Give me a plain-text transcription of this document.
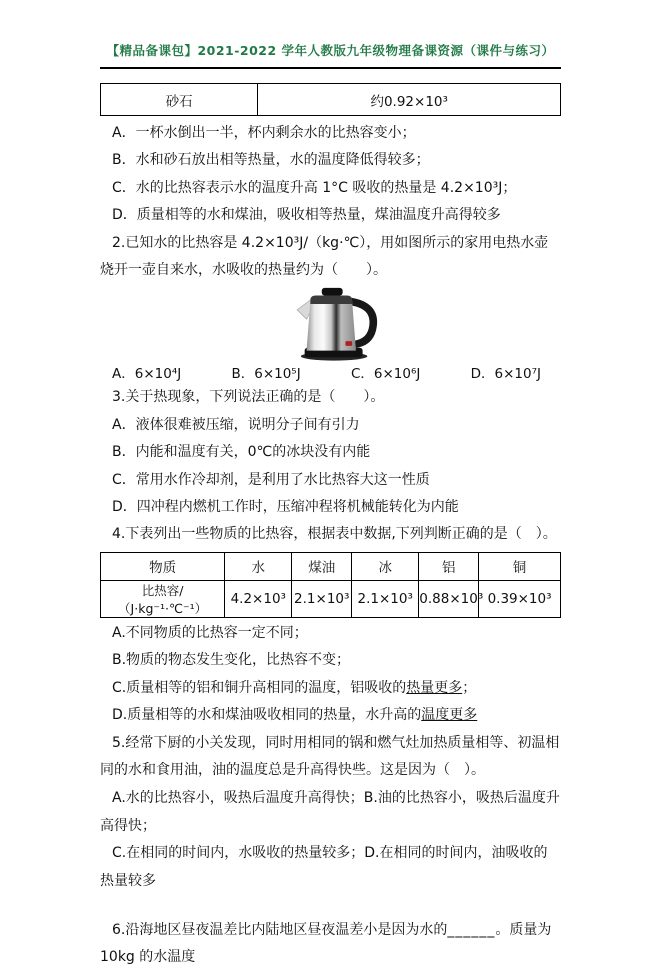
【精品备课包】2021-2022 学年人教版九年级物理备课资源（课件与练习）
砂石	约0.92×10³

A．一杯水倒出一半，杯内剩余水的比热容变小；

B．水和砂石放出相等热量，水的温度降低得较多；

C．水的比热容表示水的温度升高 1°C 吸收的热量是 4.2×10³J；

D．质量相等的水和煤油，吸收相等热量，煤油温度升高得较多

2.已知水的比热容是 4.2×10³J/（kg·℃），用如图所示的家用电热水壶烧开一壶自来水，水吸收的热量约为（　　）。

A．6×10⁴J	B．6×10⁵J	C．6×10⁶J	D．6×10⁷J

3.关于热现象，下列说法正确的是（　　）。

A．液体很难被压缩，说明分子间有引力

B．内能和温度有关，0℃的冰块没有内能

C．常用水作冷却剂，是利用了水比热容大这一性质

D．四冲程内燃机工作时，压缩冲程将机械能转化为内能

4.下表列出一些物质的比热容，根据表中数据,下列判断正确的是（　）。

物质	水	煤油	冰	铝	铜
比热容/（J·kg⁻¹·℃⁻¹）	4.2×10³	2.1×10³	2.1×10³	0.88×10³	0.39×10³

A.不同物质的比热容一定不同；

B.物质的物态发生变化，比热容不变；

C.质量相等的铝和铜升高相同的温度，铝吸收的热量更多；

D.质量相等的水和煤油吸收相同的热量，水升高的温度更多

5.经常下厨的小关发现，同时用相同的锅和燃气灶加热质量相等、初温相同的水和食用油，油的温度总是升高得快些。这是因为（　）。

A.水的比热容小，吸热后温度升高得快；B.油的比热容小，吸热后温度升高得快；

C.在相同的时间内，水吸收的热量较多；D.在相同的时间内，油吸收的热量较多

6.沿海地区昼夜温差比内陆地区昼夜温差小是因为水的______。质量为 10kg 的水温度
